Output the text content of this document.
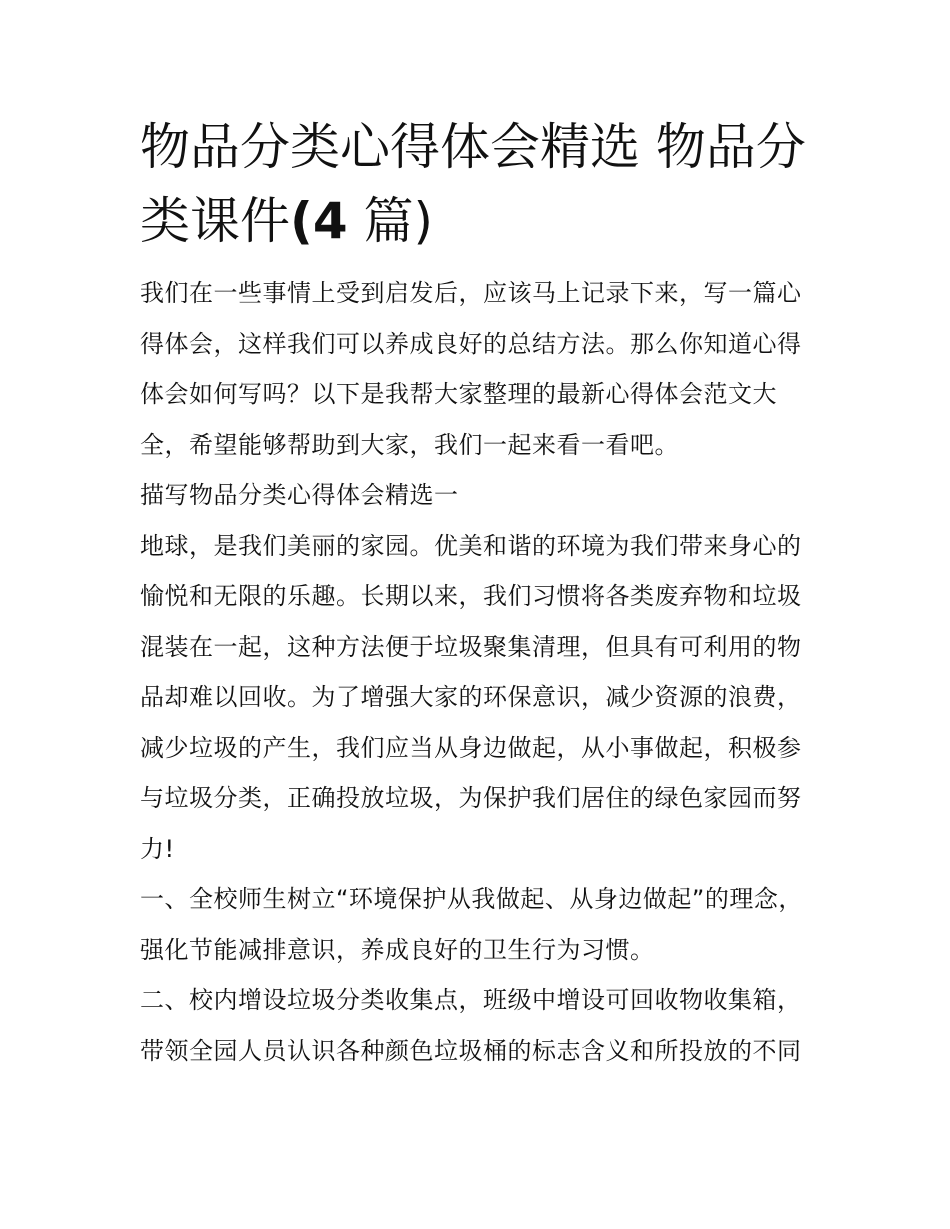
物品分类心得体会精选 物品分类课件(4 篇)

我们在一些事情上受到启发后，应该马上记录下来，写一篇心得体会，这样我们可以养成良好的总结方法。那么你知道心得体会如何写吗？以下是我帮大家整理的最新心得体会范文大全，希望能够帮助到大家，我们一起来看一看吧。

描写物品分类心得体会精选一

地球，是我们美丽的家园。优美和谐的环境为我们带来身心的愉悦和无限的乐趣。长期以来，我们习惯将各类废弃物和垃圾混装在一起，这种方法便于垃圾聚集清理，但具有可利用的物品却难以回收。为了增强大家的环保意识，减少资源的浪费，减少垃圾的产生，我们应当从身边做起，从小事做起，积极参与垃圾分类，正确投放垃圾，为保护我们居住的绿色家园而努力!

一、全校师生树立“环境保护从我做起、从身边做起”的理念，强化节能减排意识，养成良好的卫生行为习惯。

二、校内增设垃圾分类收集点，班级中增设可回收物收集箱，带领全园人员认识各种颜色垃圾桶的标志含义和所投放的不同
